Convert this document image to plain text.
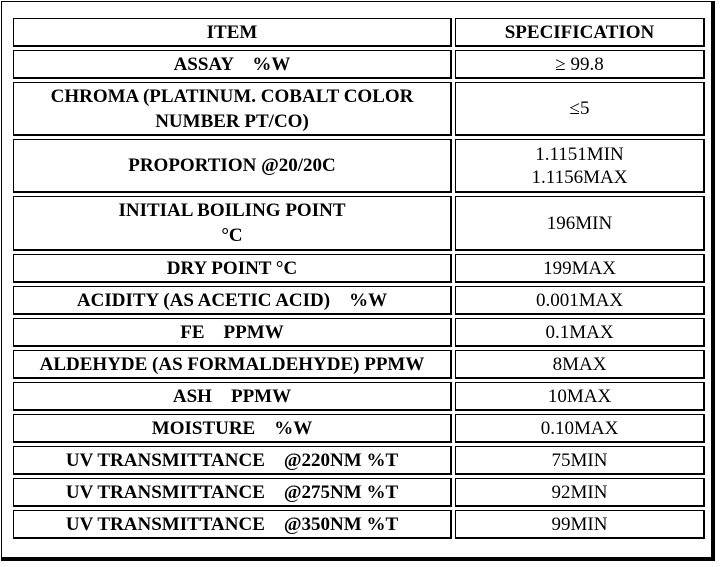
ITEM	SPECIFICATION
ASSAY    %W	≥ 99.8

CHROMA (PLATINUM. COBALT COLOR
NUMBER PT/CO)	≤5
PROPORTION @20/20C	1.1151MIN
1.1156MAX

INITIAL BOILING POINT
°C	196MIN
DRY POINT °C	199MAX
ACIDITY (AS ACETIC ACID)    %W	0.001MAX
FE    PPMW	0.1MAX
ALDEHYDE (AS FORMALDEHYDE) PPMW	8MAX
ASH    PPMW	10MAX
MOISTURE    %W	0.10MAX
UV TRANSMITTANCE    @220NM %T	75MIN
UV TRANSMITTANCE    @275NM %T	92MIN
UV TRANSMITTANCE    @350NM %T	99MIN
